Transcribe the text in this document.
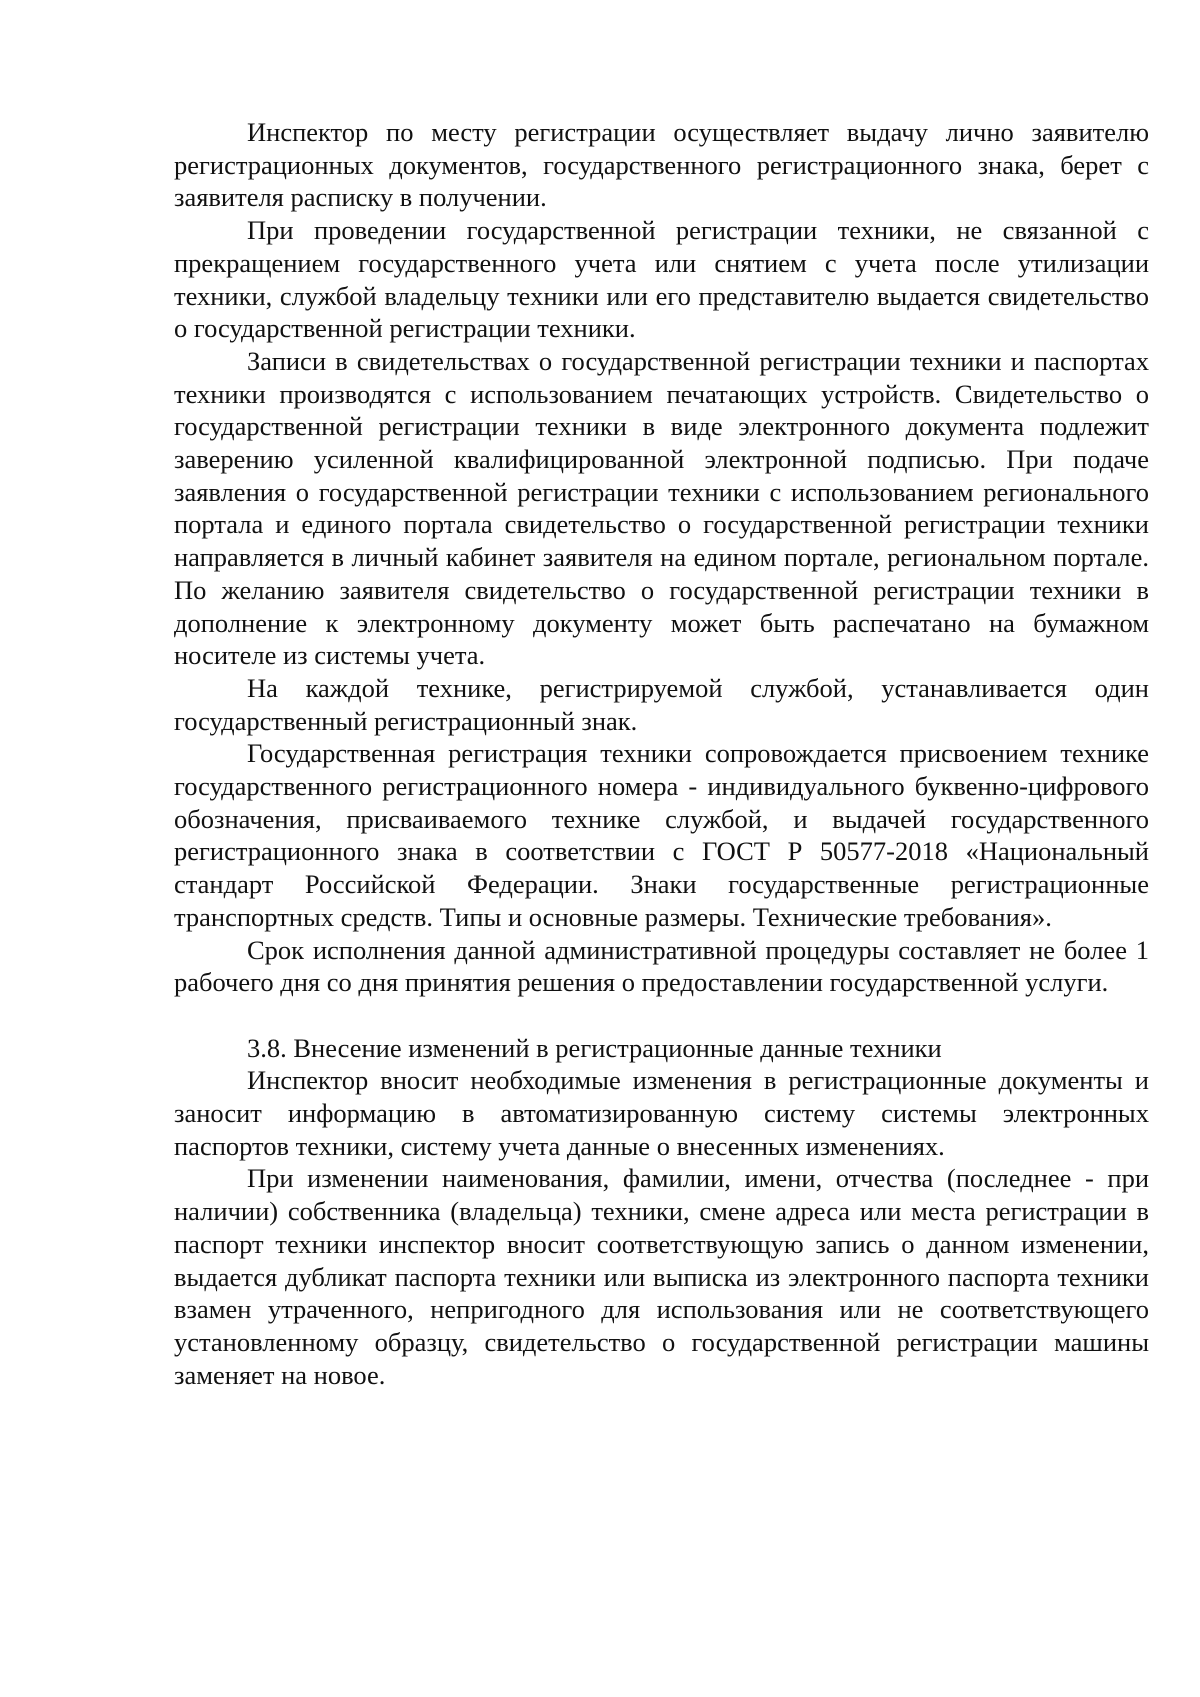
Инспектор по месту регистрации осуществляет выдачу лично заявителю регистрационных документов, государственного регистрационного знака, берет с заявителя расписку в получении.

При проведении государственной регистрации техники, не связанной с прекращением государственного учета или снятием с учета после утилизации техники, службой владельцу техники или его представителю выдается свидетельство о государственной регистрации техники.

Записи в свидетельствах о государственной регистрации техники и паспортах техники производятся с использованием печатающих устройств. Свидетельство о государственной регистрации техники в виде электронного документа подлежит заверению усиленной квалифицированной электронной подписью. При подаче заявления о государственной регистрации техники с использованием регионального портала и единого портала свидетельство о государственной регистрации техники направляется в личный кабинет заявителя на едином портале, региональном портале. По желанию заявителя свидетельство о государственной регистрации техники в дополнение к электронному документу может быть распечатано на бумажном носителе из системы учета.

На каждой технике, регистрируемой службой, устанавливается один государственный регистрационный знак.

Государственная регистрация техники сопровождается присвоением технике государственного регистрационного номера - индивидуального буквенно-цифрового обозначения, присваиваемого технике службой, и выдачей государственного регистрационного знака в соответствии с ГОСТ Р 50577-2018 «Национальный стандарт Российской Федерации. Знаки государственные регистрационные транспортных средств. Типы и основные размеры. Технические требования».

Срок исполнения данной административной процедуры составляет не более 1 рабочего дня со дня принятия решения о предоставлении государственной услуги.

3.8. Внесение изменений в регистрационные данные техники

Инспектор вносит необходимые изменения в регистрационные документы и заносит информацию в автоматизированную систему системы электронных паспортов техники, систему учета данные о внесенных изменениях.

При изменении наименования, фамилии, имени, отчества (последнее - при наличии) собственника (владельца) техники, смене адреса или места регистрации в паспорт техники инспектор вносит соответствующую запись о данном изменении, выдается дубликат паспорта техники или выписка из электронного паспорта техники взамен утраченного, непригодного для использования или не соответствующего установленному образцу, свидетельство о государственной регистрации машины заменяет на новое.
